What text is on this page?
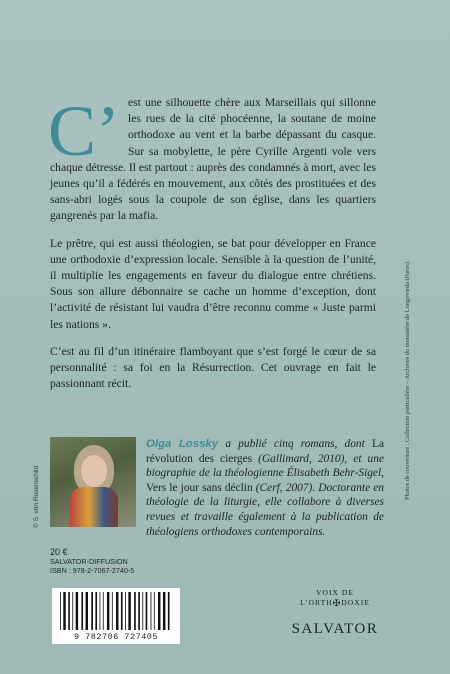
C’ est une silhouette chère aux Marseillais qui sillonne les rues de la cité phocéenne, la soutane de moine orthodoxe au vent et la barbe dépassant du casque. Sur sa mobylette, le père Cyrille Argenti vole vers chaque détresse. Il est partout : auprès des condamnés à mort, avec les jeunes qu’il a fédérés en mouvement, aux côtés des prostituées et des sans-abri logés sous la coupole de son église, dans les quartiers gangrenés par la mafia.

Le prêtre, qui est aussi théologien, se bat pour développer en France une orthodoxie d’expression locale. Sensible à la question de l’unité, il multiplie les engagements en faveur du dialogue entre chrétiens. Sous son allure débonnaire se cache un homme d’exception, dont l’activité de résistant lui vaudra d’être reconnu comme « Juste parmi les nations ».

C’est au fil d’un itinéraire flamboyant que s’est forgé le cœur de sa personnalité : sa foi en la Résurrection. Cet ouvrage en fait le passionnant récit.

Olga Lossky a publié cinq romans, dont La révolution des cierges (Gallimard, 2010), et une biographie de la théologienne Élisabeth Behr-Sigel, Vers le jour sans déclin (Cerf, 2007). Doctorante en théologie de la liturgie, elle collabore à diverses revues et travaille également à la publication de théologiens orthodoxes contemporains.
© S. von Rosenschild	Photos de couverture : Collection particulière – Archives du monastère de Longovarda (Paros).
20 €
SALVATOR-DIFFUSION
ISBN : 978-2-7067-2740-5
9 782706 727405
VOIX DE
L’ORTH✠DOXIE
SALVATOR
